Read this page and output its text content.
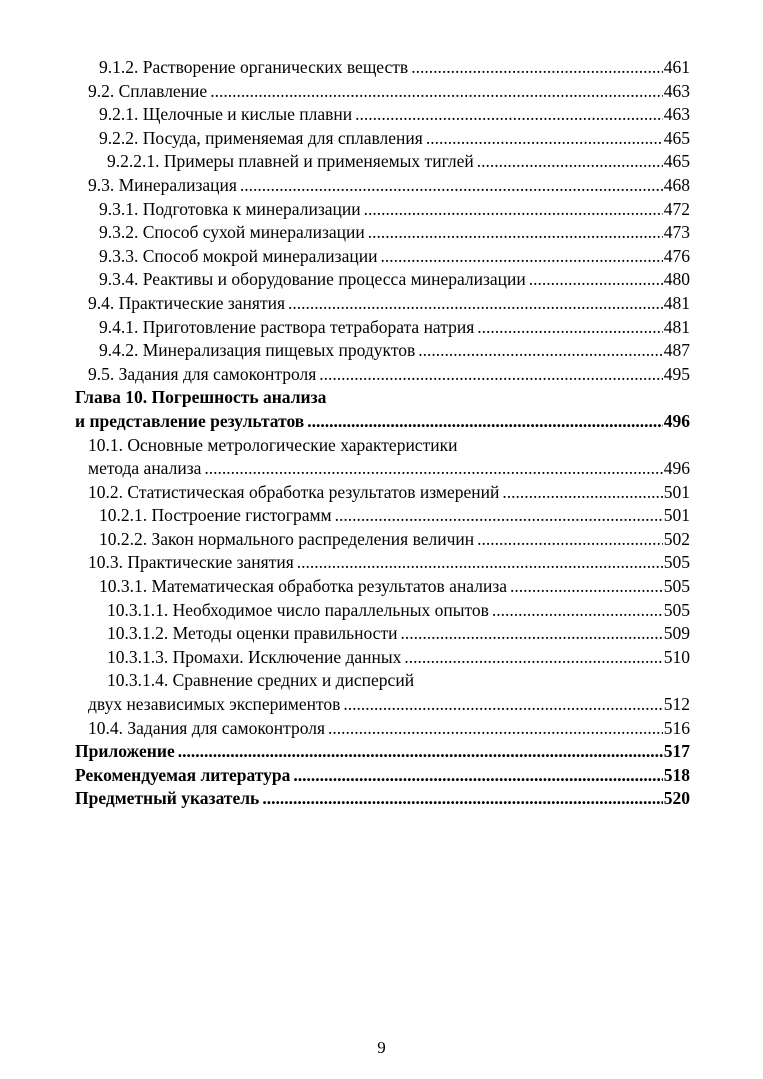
9.1.2. Растворение органических веществ .....	461
9.2. Сплавление .....	463
9.2.1. Щелочные и кислые плавни .....	463
9.2.2. Посуда, применяемая для сплавления .....	465
9.2.2.1. Примеры плавней и применяемых тиглей .....	465
9.3. Минерализация .....	468
9.3.1. Подготовка к минерализации .....	472
9.3.2. Способ сухой минерализации .....	473
9.3.3. Способ мокрой минерализации .....	476
9.3.4. Реактивы и оборудование процесса минерализации .....	480
9.4. Практические занятия .....	481
9.4.1. Приготовление раствора тетрабората натрия .....	481
9.4.2. Минерализация пищевых продуктов .....	487
9.5. Задания для самоконтроля .....	495
Глава 10. Погрешность анализа
и представление результатов .....	496
10.1. Основные метрологические характеристики
метода анализа .....	496
10.2. Статистическая обработка результатов измерений .....	501
10.2.1. Построение гистограмм .....	501
10.2.2. Закон нормального распределения величин .....	502
10.3. Практические занятия .....	505
10.3.1. Математическая обработка результатов анализа .....	505
10.3.1.1. Необходимое число параллельных опытов .....	505
10.3.1.2. Методы оценки правильности .....	509
10.3.1.3. Промахи. Исключение данных .....	510
10.3.1.4. Сравнение средних и дисперсий
двух независимых экспериментов .....	512
10.4. Задания для самоконтроля .....	516
Приложение .....	517
Рекомендуемая литература .....	518
Предметный указатель .....	520
9
